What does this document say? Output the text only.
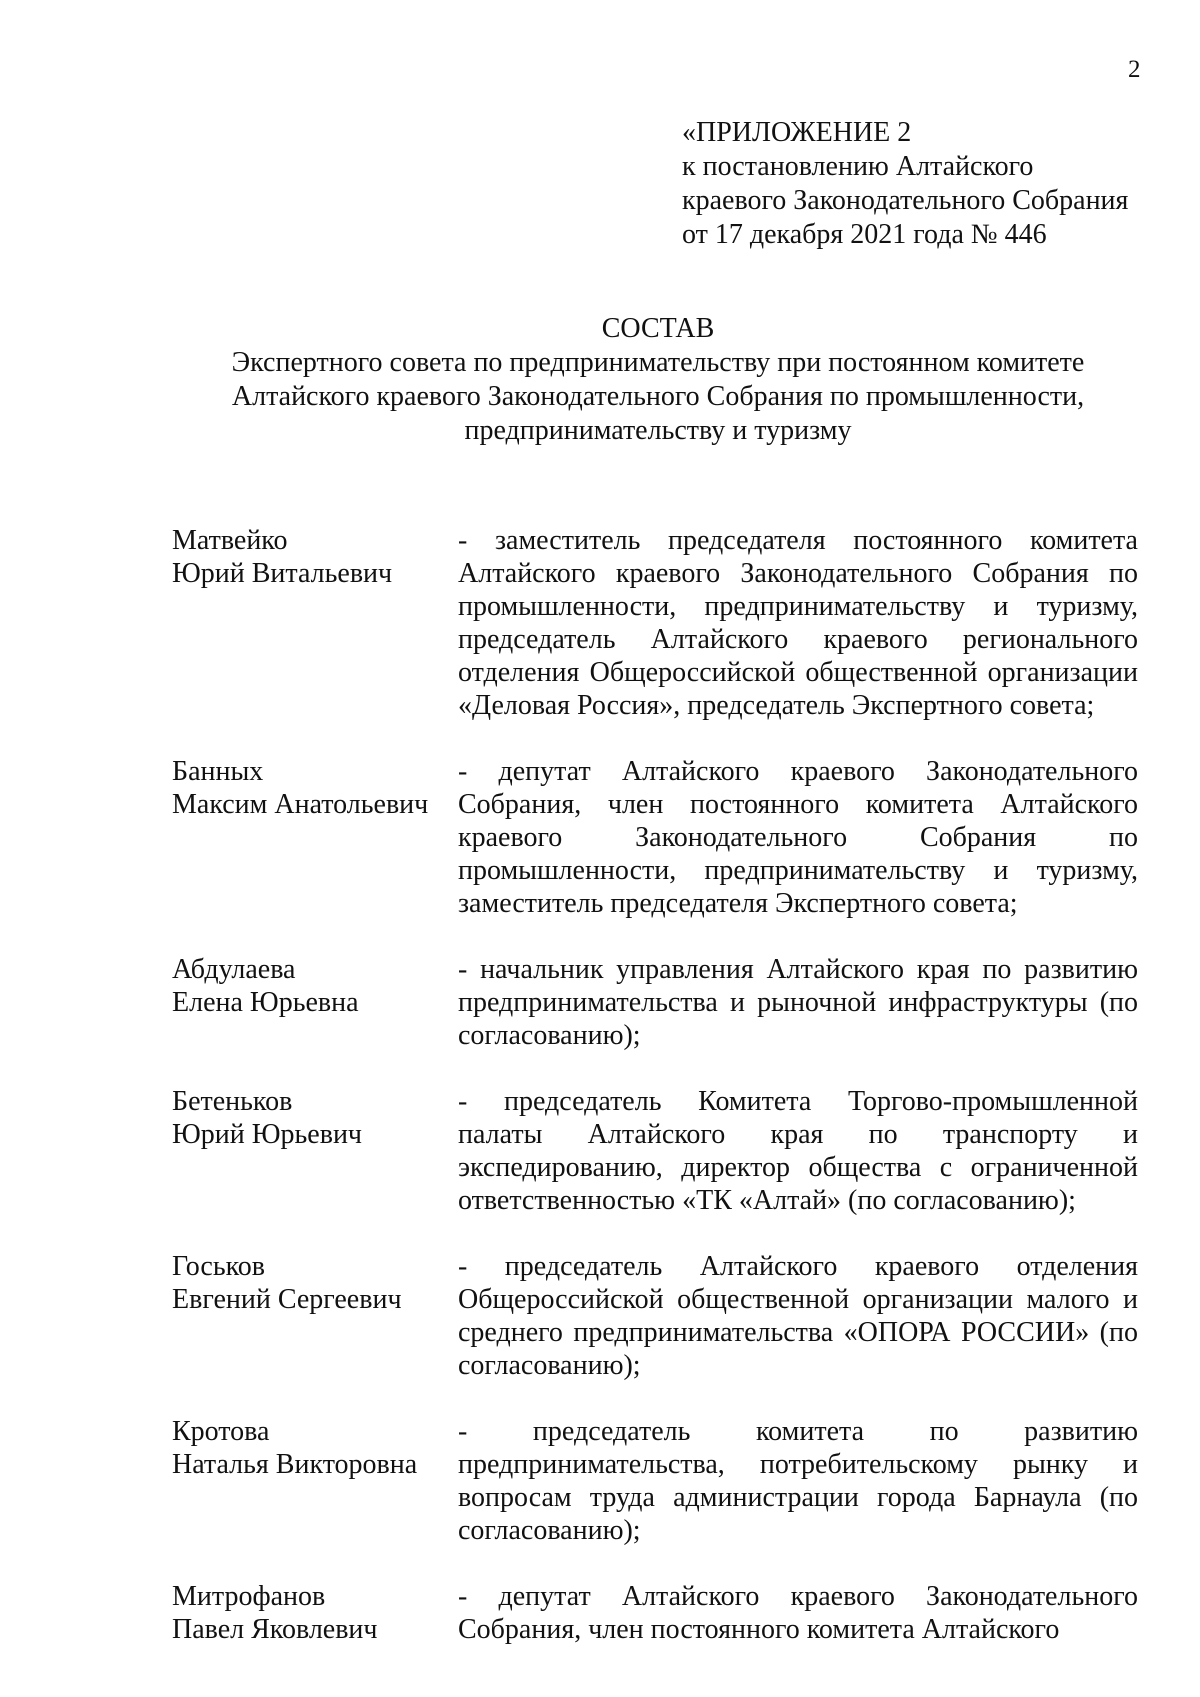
2
«ПРИЛОЖЕНИЕ 2
к постановлению Алтайского
краевого Законодательного Собрания
от 17 декабря 2021 года № 446
СОСТАВ
Экспертного совета по предпринимательству при постоянном комитете Алтайского краевого Законодательного Собрания по промышленности, предпринимательству и туризму
Матвейко
Юрий Витальевич
- заместитель председателя постоянного комитета Алтайского краевого Законодательного Собрания по промышленности, предпринимательству и туризму, председатель Алтайского краевого регионального отделения Общероссийской общественной организации «Деловая Россия», председатель Экспертного совета;
Банных
Максим Анатольевич
- депутат Алтайского краевого Законодательного Собрания, член постоянного комитета Алтайского краевого Законодательного Собрания по промышленности, предпринимательству и туризму, заместитель председателя Экспертного совета;
Абдулаева
Елена Юрьевна
- начальник управления Алтайского края по развитию предпринимательства и рыночной инфраструктуры (по согласованию);
Бетеньков
Юрий Юрьевич
- председатель Комитета Торгово-промышленной палаты Алтайского края по транспорту и экспедированию, директор общества с ограниченной ответственностью «ТК «Алтай» (по согласованию);
Госьков
Евгений Сергеевич
- председатель Алтайского краевого отделения Общероссийской общественной организации малого и среднего предпринимательства «ОПОРА РОССИИ» (по согласованию);
Кротова
Наталья Викторовна
- председатель комитета по развитию предпринимательства, потребительскому рынку и вопросам труда администрации города Барнаула (по согласованию);
Митрофанов
Павел Яковлевич
- депутат Алтайского краевого Законодательного Собрания, член постоянного комитета Алтайского
